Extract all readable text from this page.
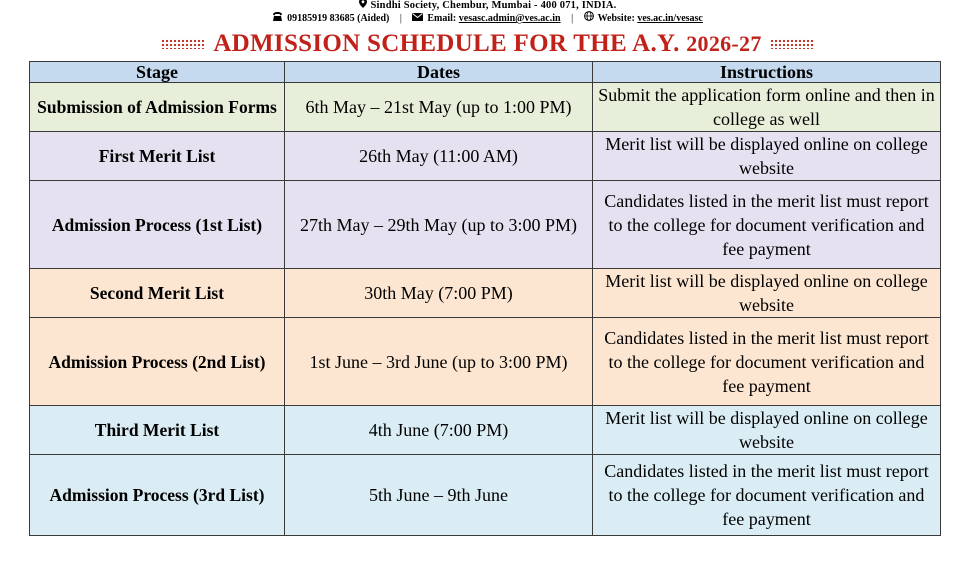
Sindhi Society, Chembur, Mumbai - 400 071, INDIA.
09185919 83685 (Aided) |	Email: vesasc.admin@ves.ac.in | Website: ves.ac.in/vesasc
ADMISSION SCHEDULE FOR THE A.Y. 2026-27
Stage	Dates	Instructions
Submission of Admission Forms	6th May – 21st May (up to 1:00 PM)	Submit the application form online and then in college as well
First Merit List	26th May (11:00 AM)	Merit list will be displayed online on college website
Admission Process (1st List)	27th May – 29th May (up to 3:00 PM)	Candidates listed in the merit list must report to the college for document verification and fee payment
Second Merit List	30th May (7:00 PM)	Merit list will be displayed online on college website
Admission Process (2nd List)	1st June – 3rd June (up to 3:00 PM)	Candidates listed in the merit list must report to the college for document verification and fee payment
Third Merit List	4th June (7:00 PM)	Merit list will be displayed online on college website
Admission Process (3rd List)	5th June – 9th June	Candidates listed in the merit list must report to the college for document verification and fee payment
